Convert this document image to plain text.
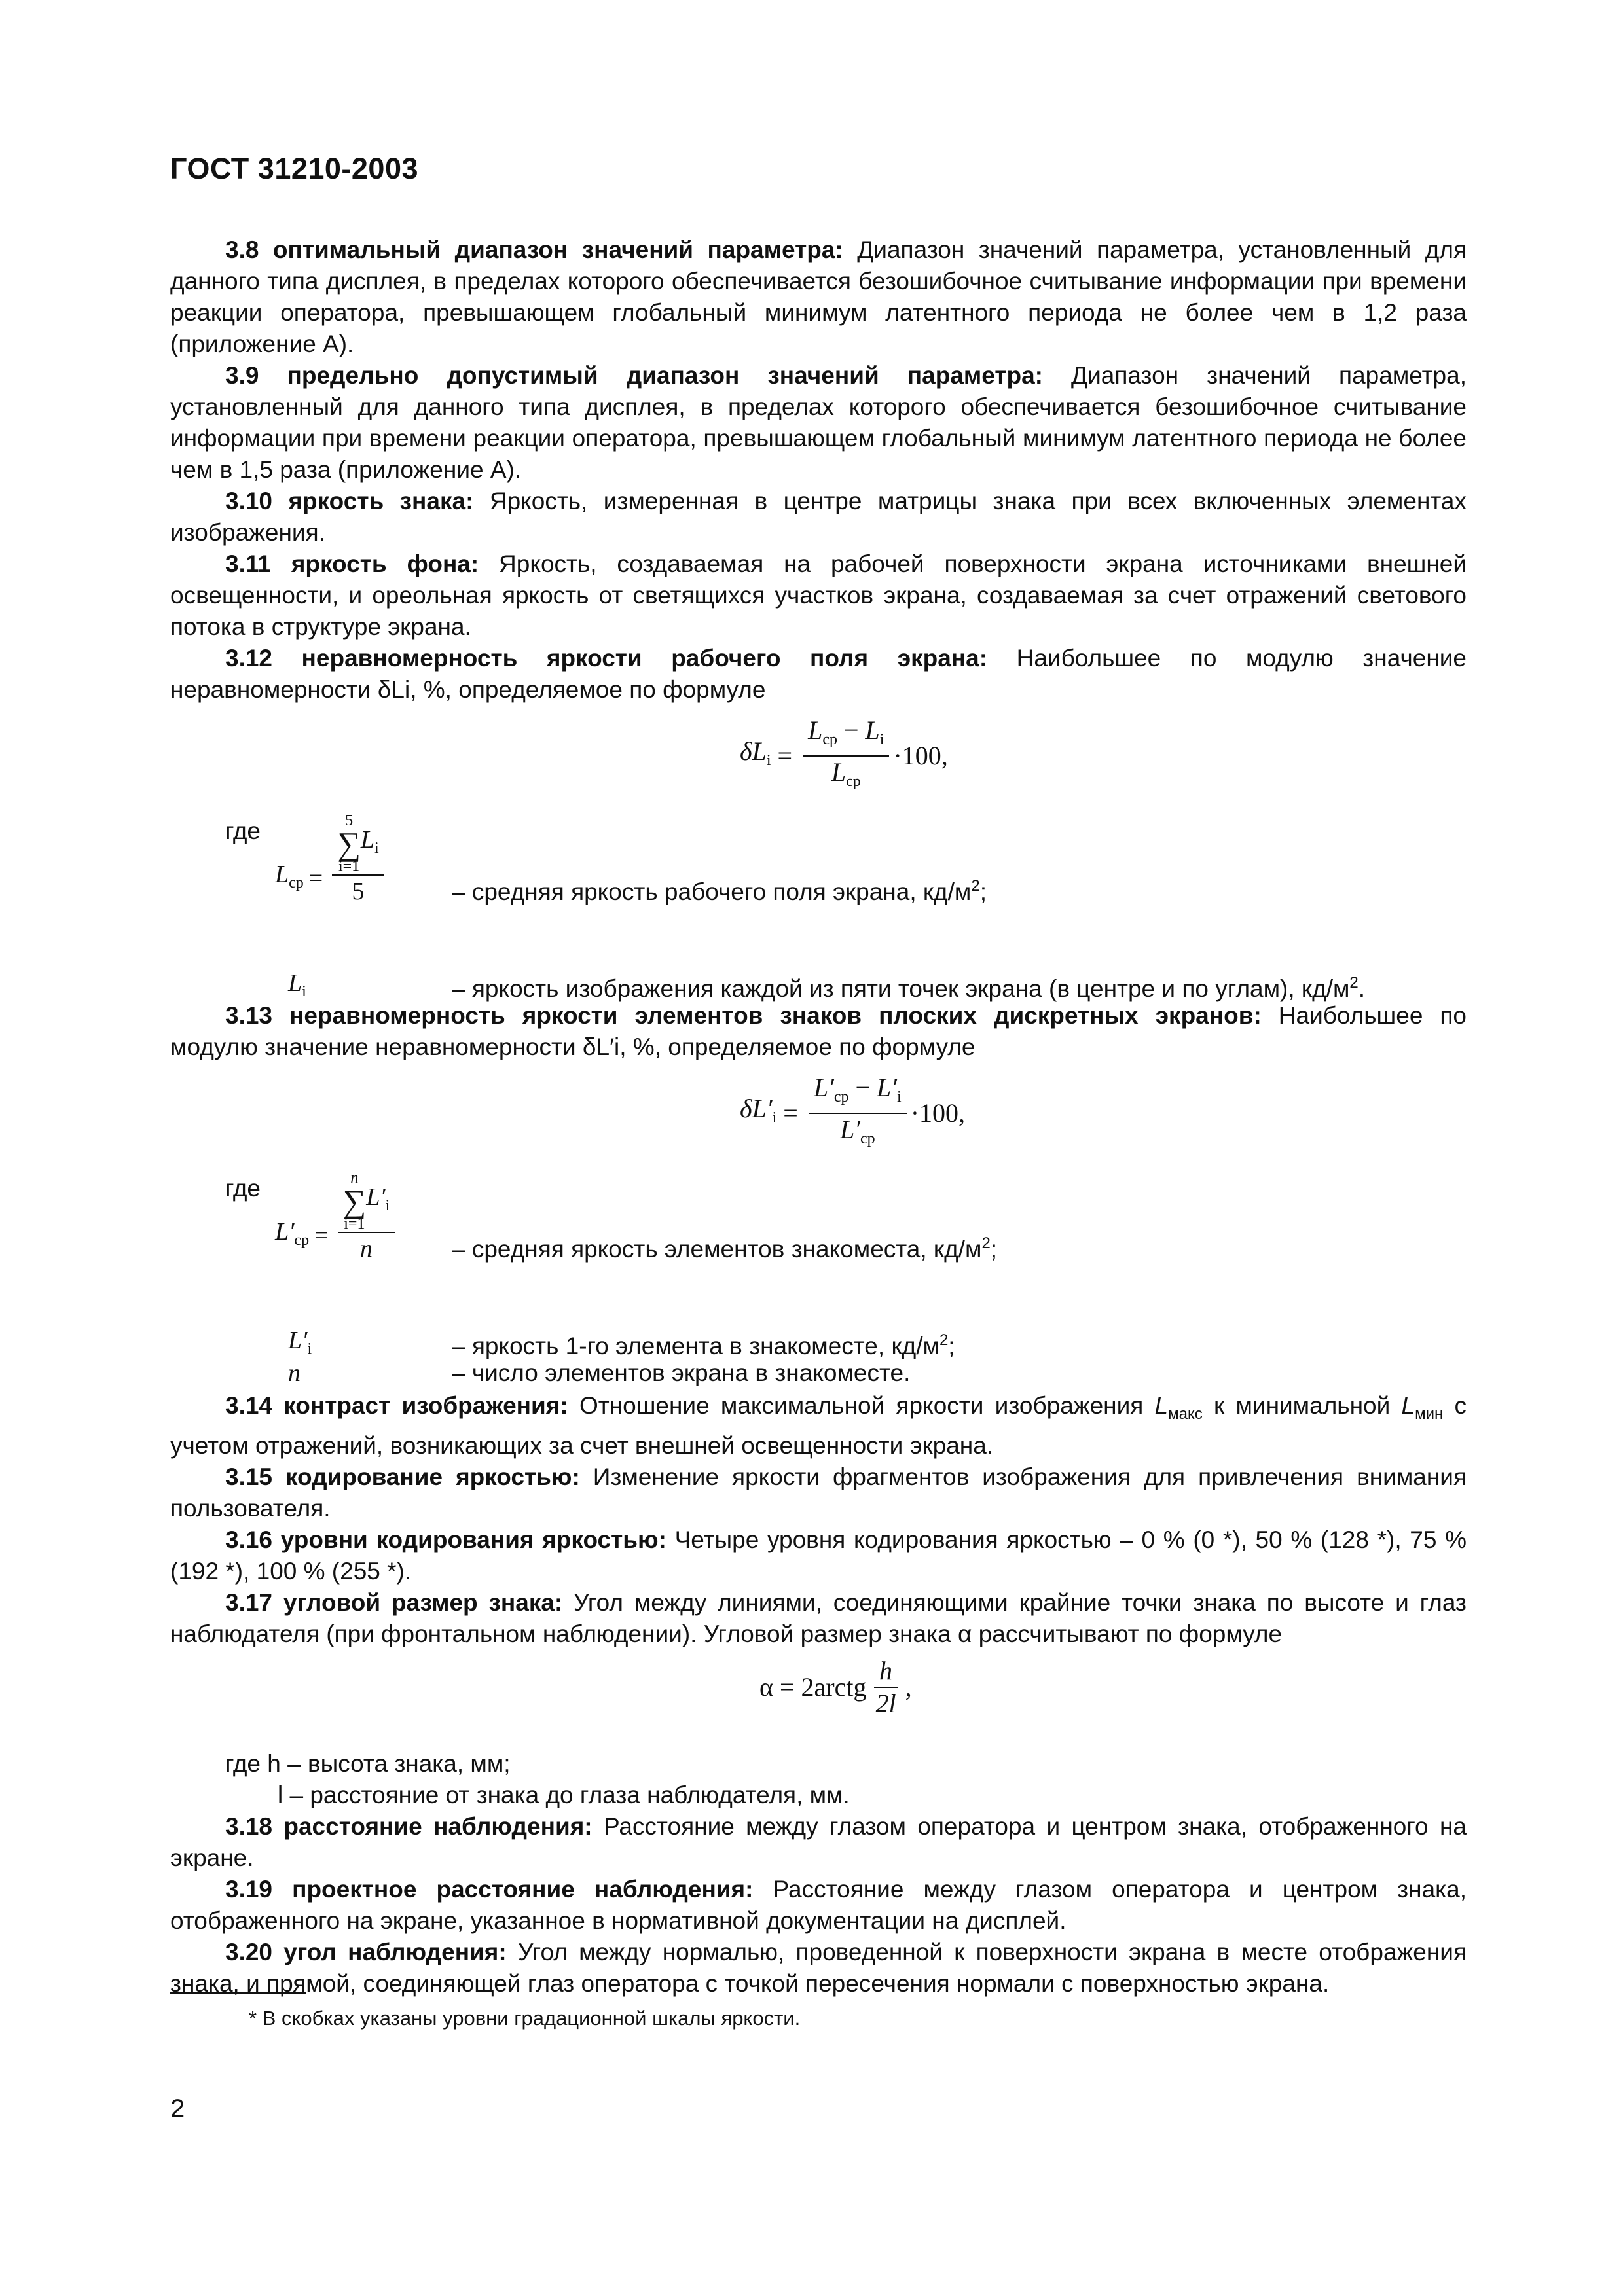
ГОСТ 31210-2003

3.8 оптимальный диапазон значений параметра: Диапазон значений параметра, установленный для данного типа дисплея, в пределах которого обеспечивается безошибочное считывание информации при времени реакции оператора, превышающем глобальный минимум латентного периода не более чем в 1,2 раза (приложение А).

3.9 предельно допустимый диапазон значений параметра: Диапазон значений параметра, установленный для данного типа дисплея, в пределах которого обеспечивается безошибочное считывание информации при времени реакции оператора, превышающем глобальный минимум латентного периода не более чем в 1,5 раза (приложение А).

3.10 яркость знака: Яркость, измеренная в центре матрицы знака при всех включенных элементах изображения.

3.11 яркость фона: Яркость, создаваемая на рабочей поверхности экрана источниками внешней освещенности, и ореольная яркость от светящихся участков экрана, создаваемая за счет отражений светового потока в структуре экрана.

3.12 неравномерность яркости рабочего поля экрана: Наибольшее по модулю значение неравномерности δLi, %, определяемое по формуле

$\delta L_i = \frac{L_{ср} - L_i}{L_{ср}} \cdot 100$,
где
$L_{ср}$ =
5
∑
i=1
$L_i$
5	– средняя яркость рабочего поля экрана, $кд/м^2$;
$L_i$	– яркость изображения каждой из пяти точек экрана (в центре и по углам), $кд/м^2$.

3.13 неравномерность яркости элементов знаков плоских дискретных экранов: Наибольшее по модулю значение неравномерности δL′i, %, определяемое по формуле

$\delta L'_i = \frac{L'_{ср} - L'_i}{L'_{ср}} \cdot 100$,
где
$L'_{ср}$ =
n
∑
i=1
$L'_i$
n	– средняя яркость элементов знакоместа, $кд/м^2$;
$L'_i$	– яркость 1-го элемента в знакоместе, $кд/м^2$;
n	– число элементов экрана в знакоместе.

3.14 контраст изображения: Отношение максимальной яркости изображения $L_{макс}$ к минимальной $L_{мин}$ с учетом отражений, возникающих за счет внешней освещенности экрана.

3.15 кодирование яркостью: Изменение яркости фрагментов изображения для привлечения внимания пользователя.

3.16 уровни кодирования яркостью: Четыре уровня кодирования яркостью – 0 % (0 *), 50 % (128 *), 75 % (192 *), 100 % (255 *).

3.17 угловой размер знака: Угол между линиями, соединяющими крайние точки знака по высоте и глаз наблюдателя (при фронтальном наблюдении). Угловой размер знака α рассчитывают по формуле

α = 2arctg $\frac{h}{2l}$ ,
где h – высота знака, мм;
l – расстояние от знака до глаза наблюдателя, мм.

3.18 расстояние наблюдения: Расстояние между глазом оператора и центром знака, отображенного на экране.

3.19 проектное расстояние наблюдения: Расстояние между глазом оператора и центром знака, отображенного на экране, указанное в нормативной документации на дисплей.

3.20 угол наблюдения: Угол между нормалью, проведенной к поверхности экрана в месте отображения знака, и прямой, соединяющей глаз оператора с точкой пересечения нормали с поверхностью экрана.

* В скобках указаны уровни градационной шкалы яркости.
2
